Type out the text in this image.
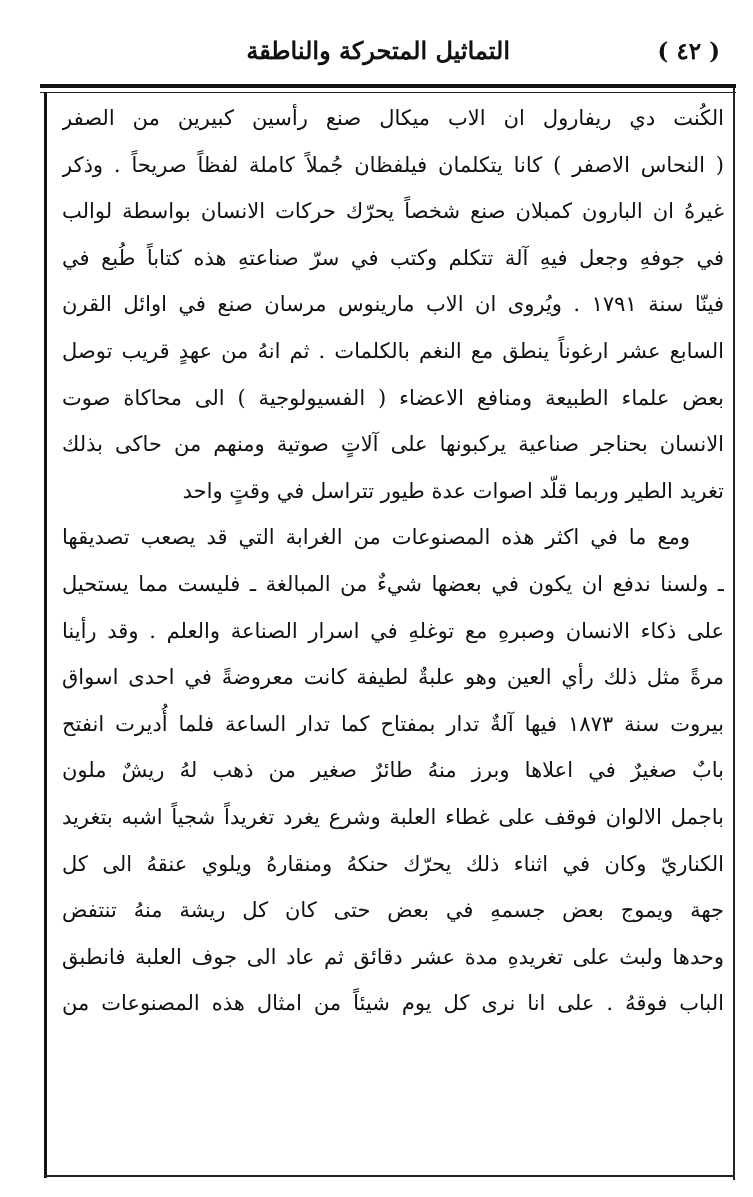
( ٤٢ )
التماثيل المتحركة والناطقة
الكُنت دي ريفارول ان الاب ميكال صنع رأسين كبيرين من الصفر
( النحاس الاصفر ) كانا يتكلمان فيلفظان جُملاً كاملة لفظاً صريحاً . وذكر
غيرهُ ان البارون كمبلان صنع شخصاً يحرّك حركات الانسان بواسطة لوالب
في جوفهِ وجعل فيهِ آلة تتكلم وكتب في سرّ صناعتهِ هذه كتاباً طُبع في
فينّا سنة ١٧٩١ . ويُروى ان الاب مارينوس مرسان صنع في اوائل القرن
السابع عشر ارغوناً ينطق مع النغم بالكلمات . ثم انهُ من عهدٍ قريب توصل
بعض علماء الطبيعة ومنافع الاعضاء ( الفسيولوجية ) الى محاكاة صوت
الانسان بحناجر صناعية يركبونها على آلاتٍ صوتية ومنهم من حاكى بذلك
تغريد الطير وربما قلّد اصوات عدة طيور تتراسل في وقتٍ واحد
ومع ما في اكثر هذه المصنوعات من الغرابة التي قد يصعب تصديقها
ـ ولسنا ندفع ان يكون في بعضها شيءٌ من المبالغة ـ فليست مما يستحيل
على ذكاء الانسان وصبرهِ مع توغلهِ في اسرار الصناعة والعلم . وقد رأينا
مرةً مثل ذلك رأي العين وهو علبةٌ لطيفة كانت معروضةً في احدى اسواق
بيروت سنة ١٨٧٣ فيها آلةٌ تدار بمفتاح كما تدار الساعة فلما أُديرت انفتح
بابٌ صغيرٌ في اعلاها وبرز منهُ طائرٌ صغير من ذهب لهُ ريشٌ ملون
باجمل الالوان فوقف على غطاء العلبة وشرع يغرد تغريداً شجياً اشبه بتغريد
الكناريّ وكان في اثناء ذلك يحرّك حنكهُ ومنقارهُ ويلوي عنقهُ الى كل
جهة ويموج بعض جسمهِ في بعض حتى كان كل ريشة منهُ تنتفض
وحدها ولبث على تغريدهِ مدة عشر دقائق ثم عاد الى جوف العلبة فانطبق
الباب فوقهُ . على انا نرى كل يوم شيئاً من امثال هذه المصنوعات من
